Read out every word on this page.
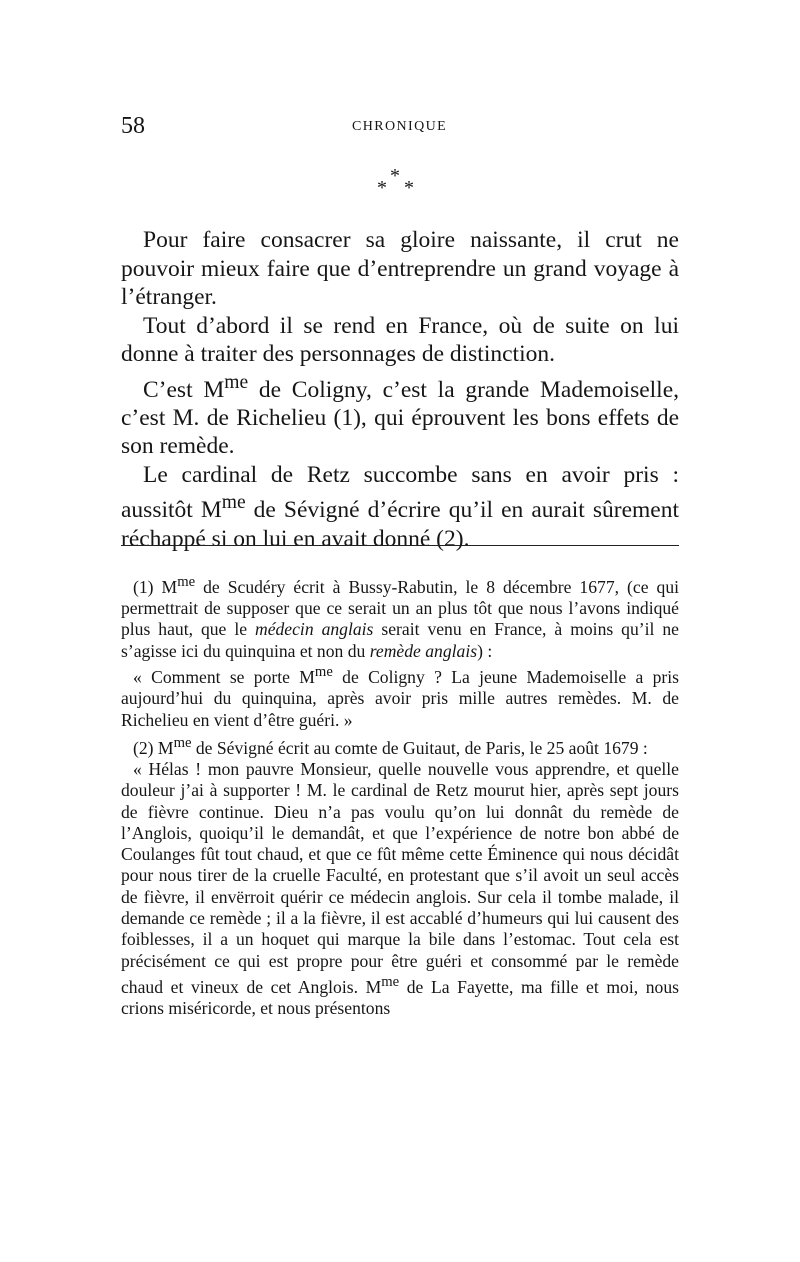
58	CHRONIQUE
*
* *

Pour faire consacrer sa gloire naissante, il crut ne pouvoir mieux faire que d’entreprendre un grand voyage à l’étranger.

Tout d’abord il se rend en France, où de suite on lui donne à traiter des personnages de distinction.

C’est $M^{me}$ de Coligny, c’est la grande Mademoiselle, c’est M. de Richelieu (1), qui éprouvent les bons effets de son remède.

Le cardinal de Retz succombe sans en avoir pris : aussitôt $M^{me}$ de Sévigné d’écrire qu’il en aurait sûrement réchappé si on lui en avait donné (2).

(1) $M^{me}$ de Scudéry écrit à Bussy-Rabutin, le 8 décembre 1677, (ce qui permettrait de supposer que ce serait un an plus tôt que nous l’avons indiqué plus haut, que le médecin anglais serait venu en France, à moins qu’il ne s’agisse ici du quinquina et non du remède anglais) :

« Comment se porte $M^{me}$ de Coligny ? La jeune Mademoiselle a pris aujourd’hui du quinquina, après avoir pris mille autres remèdes. M. de Richelieu en vient d’être guéri. »

(2) $M^{me}$ de Sévigné écrit au comte de Guitaut, de Paris, le 25 août 1679 :

« Hélas ! mon pauvre Monsieur, quelle nouvelle vous apprendre, et quelle douleur j’ai à supporter ! M. le cardinal de Retz mourut hier, après sept jours de fièvre continue. Dieu n’a pas voulu qu’on lui donnât du remède de l’Anglois, quoiqu’il le demandât, et que l’expérience de notre bon abbé de Coulanges fût tout chaud, et que ce fût même cette Éminence qui nous décidât pour nous tirer de la cruelle Faculté, en protestant que s’il avoit un seul accès de fièvre, il envërroit quérir ce médecin anglois. Sur cela il tombe malade, il demande ce remède ; il a la fièvre, il est accablé d’humeurs qui lui causent des foiblesses, il a un hoquet qui marque la bile dans l’estomac. Tout cela est précisément ce qui est propre pour être guéri et consommé par le remède chaud et vineux de cet Anglois. $M^{me}$ de La Fayette, ma fille et moi, nous crions miséricorde, et nous présentons
